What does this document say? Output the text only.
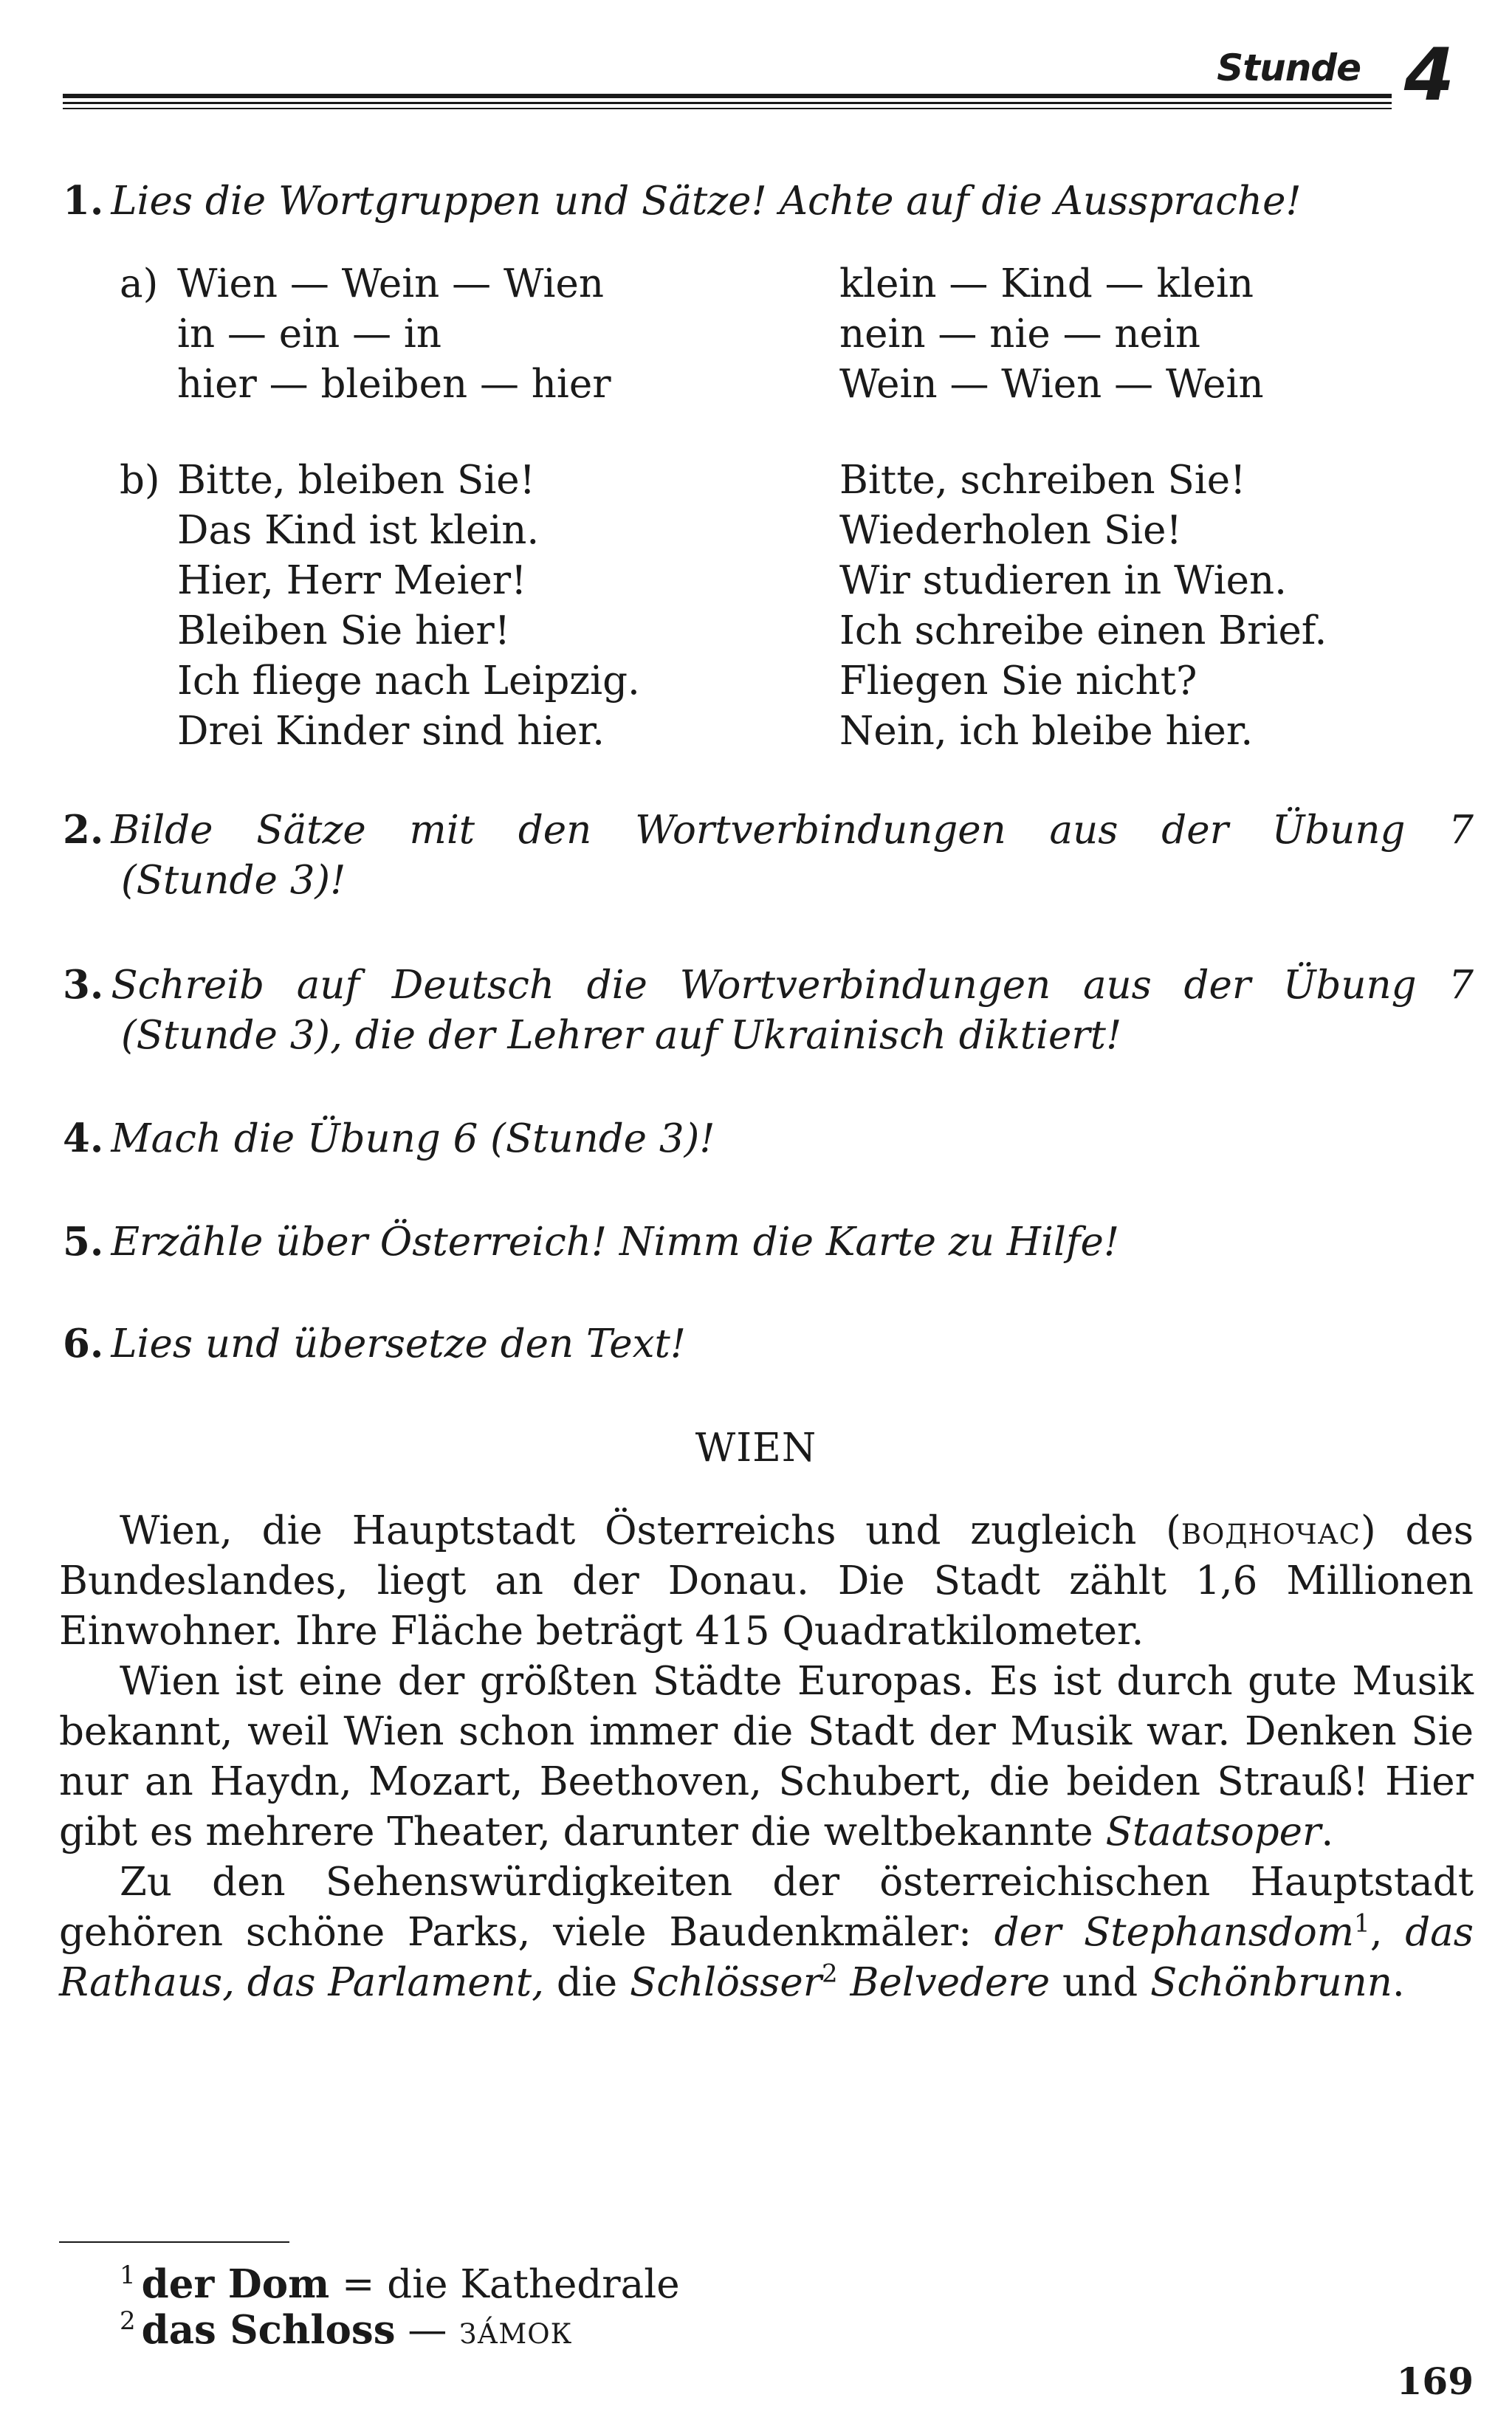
Stunde 4
1. Lies die Wortgruppen und Sätze! Achte auf die Aussprache!
a) Wien — Wein — Wien
in — ein — in
hier — bleiben — hier
klein — Kind — klein
nein — nie — nein
Wein — Wien — Wein
b) Bitte, bleiben Sie!
Das Kind ist klein.
Hier, Herr Meier!
Bleiben Sie hier!
Ich fliege nach Leipzig.
Drei Kinder sind hier.
Bitte, schreiben Sie!
Wiederholen Sie!
Wir studieren in Wien.
Ich schreibe einen Brief.
Fliegen Sie nicht?
Nein, ich bleibe hier.
2. Bilde Sätze mit den Wortverbindungen aus der Übung 7
(Stunde 3)!
3. Schreib auf Deutsch die Wortverbindungen aus der Übung 7
(Stunde 3), die der Lehrer auf Ukrainisch diktiert!
4. Mach die Übung 6 (Stunde 3)!
5. Erzähle über Österreich! Nimm die Karte zu Hilfe!
6. Lies und übersetze den Text!
WIEN

Wien, die Hauptstadt Österreichs und zugleich (водночас) des Bundeslandes, liegt an der Donau. Die Stadt zählt 1,6 Millionen Einwohner. Ihre Fläche beträgt 415 Quadratkilometer.

Wien ist eine der größten Städte Europas. Es ist durch gute Musik bekannt, weil Wien schon immer die Stadt der Musik war. Denken Sie nur an Haydn, Mozart, Beethoven, Schubert, die beiden Strauß! Hier gibt es mehrere Theater, darunter die weltbekannte Staatsoper.

Zu den Sehenswürdigkeiten der österreichischen Hauptstadt gehören schöne Parks, viele Baudenkmäler: der Stephansdom$^1$, das Rathaus, das Parlament, die Schlösser$^2$ Belvedere und Schönbrunn.

$^1$ der Dom = die Kathedrale
$^2$ das Schloss — за́мок
169
